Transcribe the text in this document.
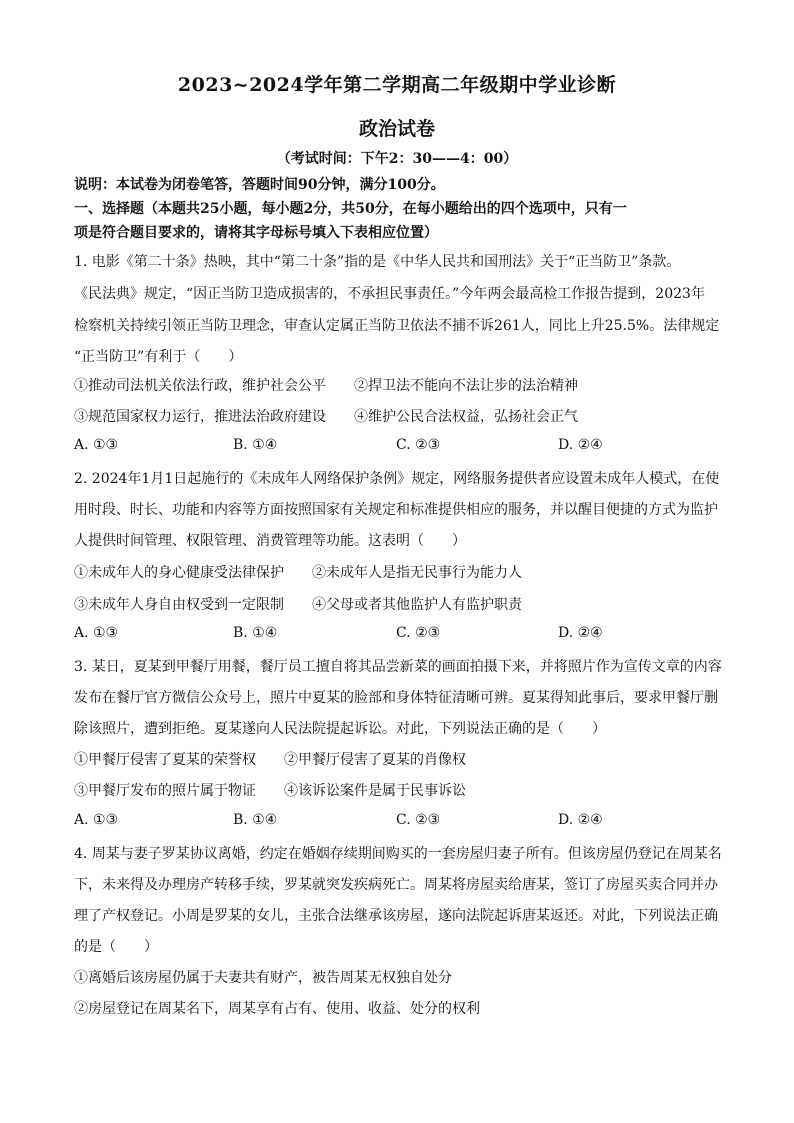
2023~2024学年第二学期高二年级期中学业诊断
政治试卷
（考试时间：下午2：30——4：00）
说明：本试卷为闭卷笔答，答题时间90分钟，满分100分。
一、选择题（本题共25小题，每小题2分，共50分，在每小题给出的四个选项中，只有一
项是符合题目要求的，请将其字母标号填入下表相应位置）
1. 电影《第二十条》热映，其中“第二十条”指的是《中华人民共和国刑法》关于“正当防卫”条款。
《民法典》规定，“因正当防卫造成损害的，不承担民事责任。”今年两会最高检工作报告提到，2023年
检察机关持续引领正当防卫理念，审查认定属正当防卫依法不捕不诉261人，同比上升25.5%。法律规定
“正当防卫”有利于（　　）
①推动司法机关依法行政，维护社会公平　　②捍卫法不能向不法让步的法治精神
③规范国家权力运行，推进法治政府建设　　④维护公民合法权益，弘扬社会正气
A. ①③	B. ①④	C. ②③	D. ②④
2. 2024年1月1日起施行的《未成年人网络保护条例》规定，网络服务提供者应设置未成年人模式，在使
用时段、时长、功能和内容等方面按照国家有关规定和标准提供相应的服务，并以醒目便捷的方式为监护
人提供时间管理、权限管理、消费管理等功能。这表明（　　）
①未成年人的身心健康受法律保护　　②未成年人是指无民事行为能力人
③未成年人身自由权受到一定限制　　④父母或者其他监护人有监护职责
A. ①③	B. ①④	C. ②③	D. ②④
3. 某日，夏某到甲餐厅用餐，餐厅员工擅自将其品尝新菜的画面拍摄下来，并将照片作为宣传文章的内容
发布在餐厅官方微信公众号上，照片中夏某的脸部和身体特征清晰可辨。夏某得知此事后，要求甲餐厅删
除该照片，遭到拒绝。夏某遂向人民法院提起诉讼。对此，下列说法正确的是（　　）
①甲餐厅侵害了夏某的荣誉权　　②甲餐厅侵害了夏某的肖像权
③甲餐厅发布的照片属于物证　　④该诉讼案件是属于民事诉讼
A. ①③	B. ①④	C. ②③	D. ②④
4. 周某与妻子罗某协议离婚，约定在婚姻存续期间购买的一套房屋归妻子所有。但该房屋仍登记在周某名
下，未来得及办理房产转移手续，罗某就突发疾病死亡。周某将房屋卖给唐某，签订了房屋买卖合同并办
理了产权登记。小周是罗某的女儿，主张合法继承该房屋，遂向法院起诉唐某返还。对此，下列说法正确
的是（　　）
①离婚后该房屋仍属于夫妻共有财产，被告周某无权独自处分
②房屋登记在周某名下，周某享有占有、使用、收益、处分的权利
